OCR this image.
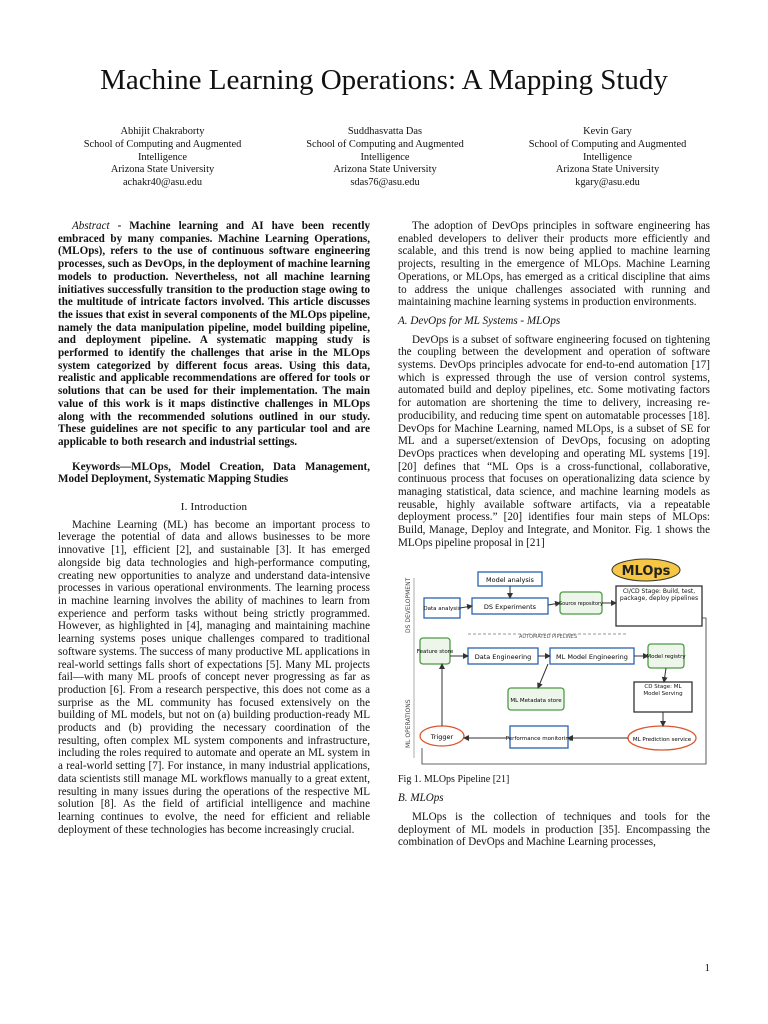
Machine Learning Operations: A Mapping Study
Abhijit Chakraborty
School of Computing and Augmented Intelligence
Arizona State University
achakr40@asu.edu
Suddhasvatta Das
School of Computing and Augmented Intelligence
Arizona State University
sdas76@asu.edu
Kevin Gary
School of Computing and Augmented Intelligence
Arizona State University
kgary@asu.edu

Abstract - Machine learning and AI have been recently embraced by many companies. Machine Learning Operations, (MLOps), refers to the use of continuous software engineering processes, such as DevOps, in the deployment of machine learning models to production. Nevertheless, not all machine learning initiatives successfully transition to the production stage owing to the multitude of intricate factors involved. This article discusses the issues that exist in several components of the MLOps pipeline, namely the data manipulation pipeline, model building pipeline, and deployment pipeline. A systematic mapping study is performed to identify the challenges that arise in the MLOps system categorized by different focus areas. Using this data, realistic and applicable recommendations are offered for tools or solutions that can be used for their implementation. The main value of this work is it maps distinctive challenges in MLOps along with the recommended solutions outlined in our study. These guidelines are not specific to any particular tool and are applicable to both research and industrial settings.

Keywords—MLOps, Model Creation, Data Management, Model Deployment, Systematic Mapping Studies

I. Introduction

Machine Learning (ML) has become an important process to leverage the potential of data and allows businesses to be more innovative [1], efficient [2], and sustainable [3]. It has emerged alongside big data technologies and high-performance computing, creating new opportunities to analyze and understand data-intensive processes in various operational environments. The learning process in machine learning involves the ability of machines to learn from experience and perform tasks without being strictly programmed. However, as highlighted in [4], managing and maintaining machine learning systems poses unique challenges compared to traditional software systems. The success of many productive ML applications in real-world settings falls short of expectations [5]. Many ML projects fail—with many ML proofs of concept never progressing as far as production [6]. From a research perspective, this does not come as a surprise as the ML community has focused extensively on the building of ML models, but not on (a) building production-ready ML products and (b) providing the necessary coordination of the resulting, often complex ML system components and infrastructure, including the roles required to automate and operate an ML system in a real-world setting [7]. For instance, in many industrial applications, data scientists still manage ML workflows manually to a great extent, resulting in many issues during the operations of the respective ML solution [8]. As the field of artificial intelligence and machine learning continues to evolve, the need for efficient and reliable deployment of these technologies has become increasingly crucial.

The adoption of DevOps principles in software engineering has enabled developers to deliver their products more efficiently and scalable, and this trend is now being applied to machine learning projects, resulting in the emergence of MLOps. Machine Learning Operations, or MLOps, has emerged as a critical discipline that aims to address the unique challenges associated with running and maintaining machine learning systems in production environments.

A. DevOps for ML Systems - MLOps

DevOps is a subset of software engineering focused on tightening the coupling between the development and operation of software systems. DevOps principles advocate for end-to-end automation [17] which is expressed through the use of version control systems, automated build and deploy pipelines, etc. Some motivating factors for automation are shortening the time to delivery, increasing re-producibility, and reducing time spent on automatable processes [18]. DevOps for Machine Learning, named MLOps, is a subset of SE for ML and a superset/extension of DevOps, focusing on adopting DevOps practices when developing and operating ML systems [19]. [20] defines that “ML Ops is a cross-functional, collaborative, continuous process that focuses on operationalizing data science by managing statistical, data science, and machine learning models as reusable, highly available software artifacts, via a repeatable deployment process.” [20] identifies four main steps of MLOps: Build, Manage, Deploy and Integrate, and Monitor. Fig. 1 shows the MLOps pipeline proposal in [21]

MLOps
DS DEVELOPMENT
ML OPERATIONS
Model analysis
Data analysis	DS Experiments	Source repository
CI/CD Stage: Build, test, package, deploy pipelines
AUTOMATED PIPELINES
Feature store
Data Engineering	ML Model Engineering	Model registry
ML Metadata store
CD Stage: ML Model Serving
Trigger	Performance monitoring	ML Prediction service

Fig 1. MLOps Pipeline [21]

B. MLOps

MLOps is the collection of techniques and tools for the deployment of ML models in production [35]. Encompassing the combination of DevOps and Machine Learning processes,

1
